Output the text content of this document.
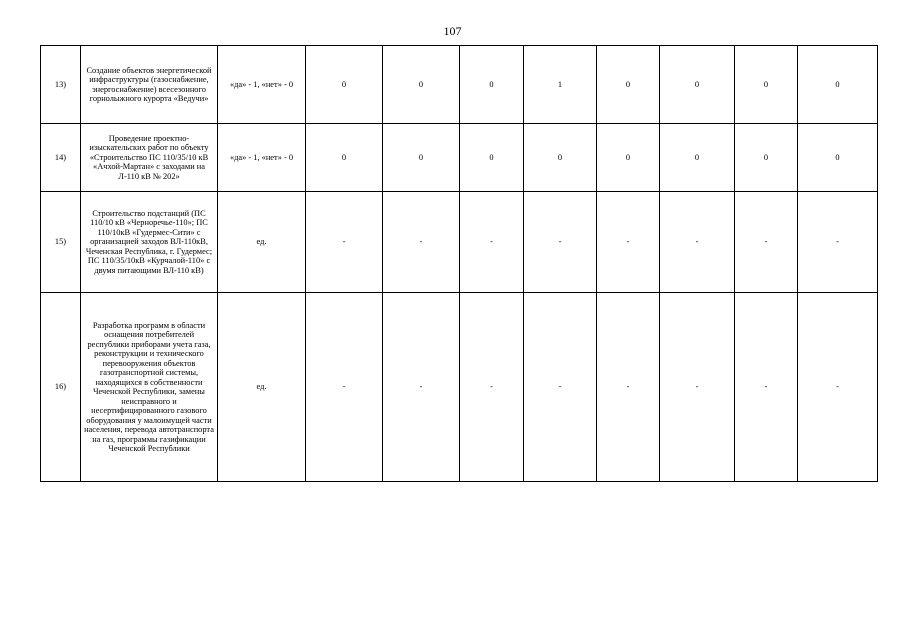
107
13)	Создание объектов энергетической инфраструктуры (газоснабжение, энергоснабжение) всесезонного горнолыжного курорта «Ведучи»	«да» - 1, «нет» - 0	0	0	0	1	0	0	0	0
14)	Проведение проектно-изыскательских работ по объекту «Строительство ПС 110/35/10 кВ «Ачхой-Мартан» с заходами на Л-110 кВ № 202»	«да» - 1, «нет» - 0	0	0	0	0	0	0	0	0
15)	Строительство подстанций (ПС 110/10 кВ «Черноречье-110»; ПС 110/10кВ «Гудермес-Сити» с организацией заходов ВЛ-110кВ, Чеченская Республика, г. Гудермес; ПС 110/35/10кВ «Курчалой-110» с двумя питающими ВЛ-110 кВ)	ед.	-	-	-	-	-	-	-	-
16)	Разработка программ в области оснащения потребителей республики приборами учета газа, реконструкции и технического перевооружения объектов газотранспортной системы, находящихся в собственности Чеченской Республики, замены неисправного и несертифицированного газового оборудования у малоимущей части населения, перевода автотранспорта на газ, программы газификации Чеченской Республики	ед.	-	-	-	-	-	-	-	-
